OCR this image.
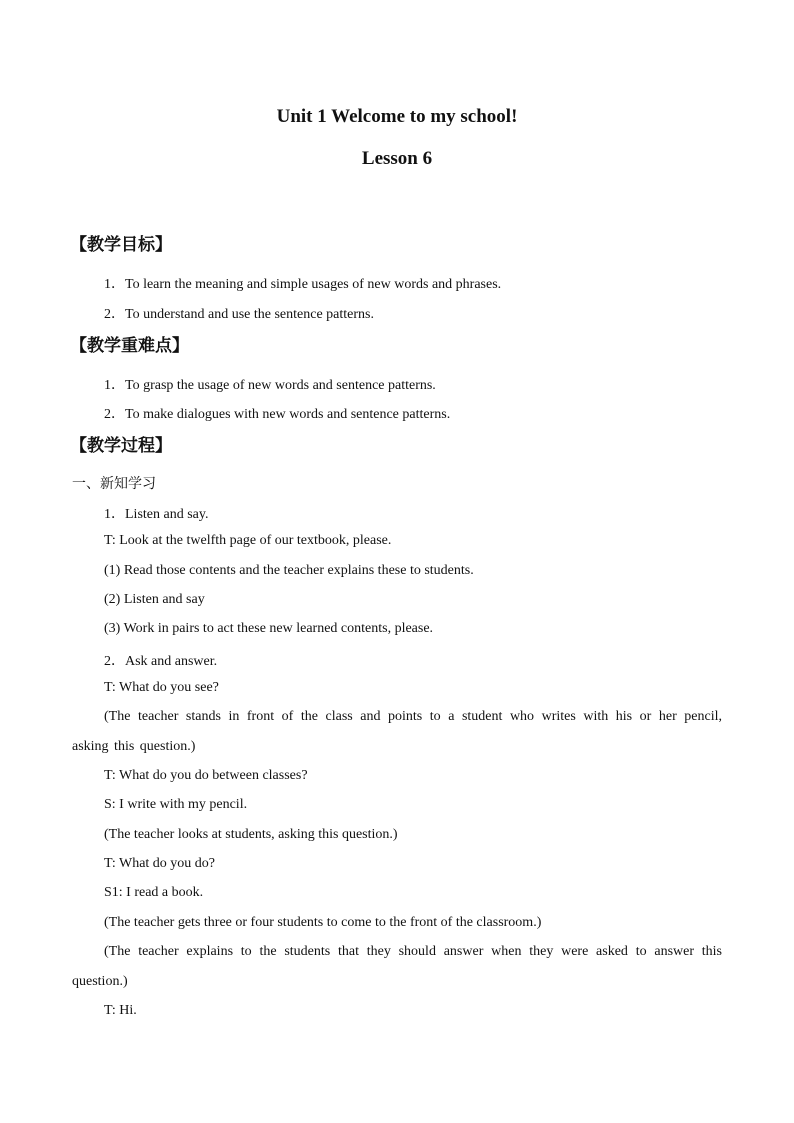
Unit 1 Welcome to my school!
Lesson 6
【教学目标】
1．To learn the meaning and simple usages of new words and phrases.
2．To understand and use the sentence patterns.
【教学重难点】
1．To grasp the usage of new words and sentence patterns.
2．To make dialogues with new words and sentence patterns.
【教学过程】
一、新知学习
1．Listen and say.
T: Look at the twelfth page of our textbook, please.
(1) Read those contents and the teacher explains these to students.
(2) Listen and say
(3) Work in pairs to act these new learned contents, please.
2．Ask and answer.
T: What do you see?
(The teacher stands in front of the class and points to a student who writes with his or her pencil, asking this question.)
T: What do you do between classes?
S: I write with my pencil.
(The teacher looks at students, asking this question.)
T: What do you do?
S1: I read a book.
(The teacher gets three or four students to come to the front of the classroom.)
(The teacher explains to the students that they should answer when they were asked to answer this question.)
T: Hi.
